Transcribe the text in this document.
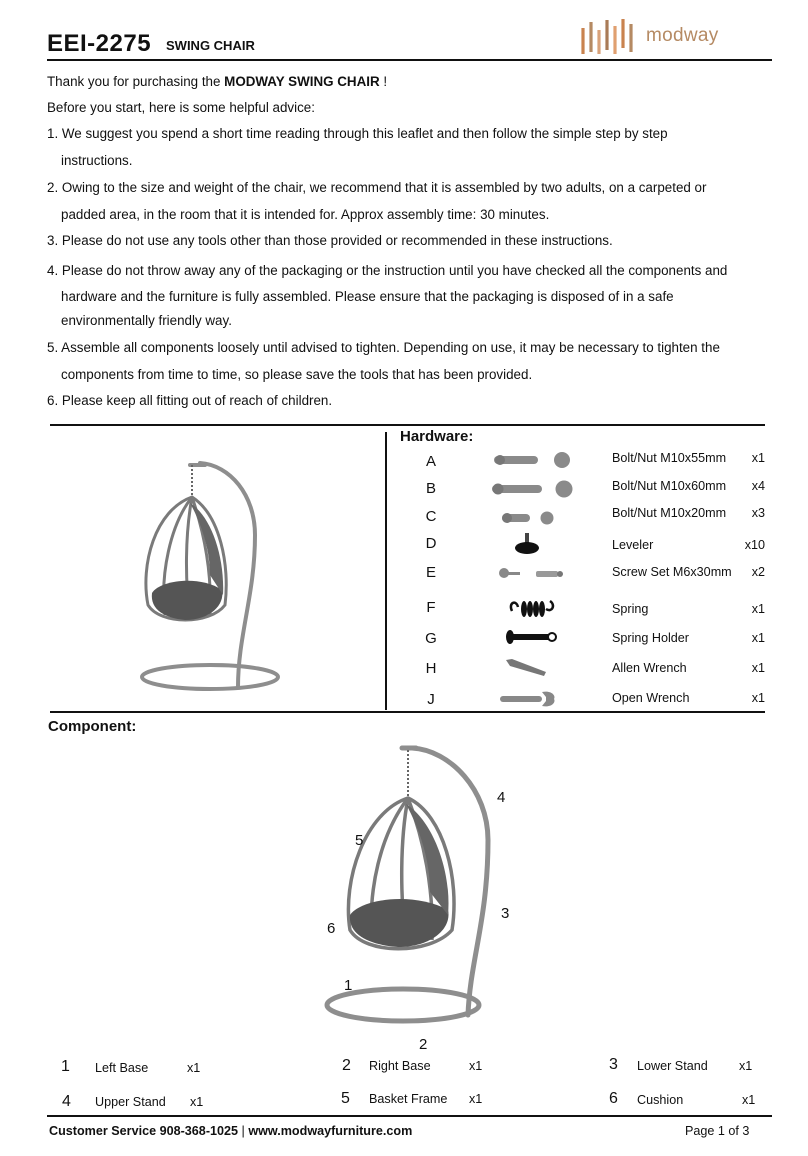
EEI-2275 SWING CHAIR	modway
Thank you for purchasing the MODWAY SWING CHAIR !
Before you start, here is some helpful advice:
1. We suggest you spend a short time reading through this leaflet and then follow the simple step by step
instructions.
2. Owing to the size and weight of the chair, we recommend that it is assembled by two adults, on a carpeted or
padded area, in the room that it is intended for. Approx assembly time: 30 minutes.
3. Please do not use any tools other than those provided or recommended in these instructions.
4. Please do not throw away any of the packaging or the instruction until you have checked all the components and
hardware and the furniture is fully assembled. Please ensure that the packaging is disposed of in a safe
environmentally friendly way.
5. Assemble all components loosely until advised to tighten. Depending on use, it may be necessary to tighten the
components from time to time, so please save the tools that has been provided.
6. Please keep all fitting out of reach of children.
Hardware:
A	Bolt/Nut M10x55mm	x1
B	Bolt/Nut M10x60mm	x4
C	Bolt/Nut M10x20mm	x3
D	Leveler	x10
E	Screw Set M6x30mm	x2
F	Spring	x1
G	Spring Holder	x1
H	Allen Wrench	x1
J	Open Wrench	x1
Component:
4
5
3
6
1
2
1 Left Base	x1	2 Right Base	x1	3 Lower Stand x1
4 Upper Stand x1	5 Basket Frame x1	6 Cushion	x1
Customer Service 908-368-1025 | www.modwayfurniture.com	Page 1 of 3
